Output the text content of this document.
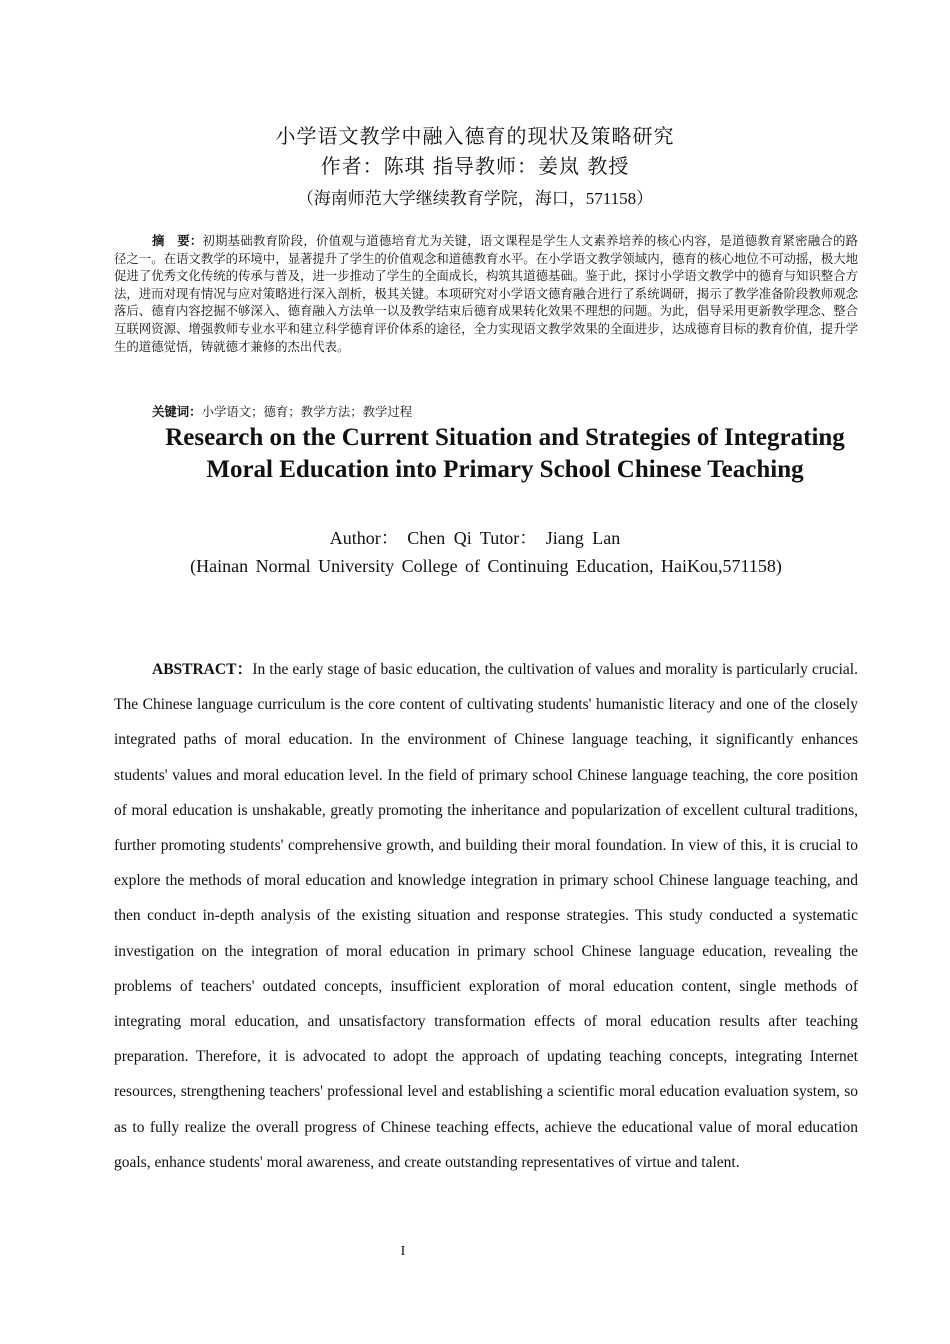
小学语文教学中融入德育的现状及策略研究
作者：陈琪 指导教师：姜岚 教授
（海南师范大学继续教育学院，海口，571158）
摘　要：初期基础教育阶段，价值观与道德培育尤为关键，语文课程是学生人文素养培养的核心内容，是道德教育紧密融合的路径之一。在语文教学的环境中，显著提升了学生的价值观念和道德教育水平。在小学语文教学领域内，德育的核心地位不可动摇，极大地促进了优秀文化传统的传承与普及，进一步推动了学生的全面成长，构筑其道德基础。鉴于此，探讨小学语文教学中的德育与知识整合方法，进而对现有情况与应对策略进行深入剖析，极其关键。本项研究对小学语文德育融合进行了系统调研，揭示了教学准备阶段教师观念落后、德育内容挖掘不够深入、德育融入方法单一以及教学结束后德育成果转化效果不理想的问题。为此，倡导采用更新教学理念、整合互联网资源、增强教师专业水平和建立科学德育评价体系的途径，全力实现语文教学效果的全面进步，达成德育目标的教育价值，提升学生的道德觉悟，铸就德才兼修的杰出代表。
关键词：小学语文；德育；教学方法；教学过程
Research on the Current Situation and Strategies of Integrating
Moral Education into Primary School Chinese Teaching
Author： Chen Qi Tutor： Jiang Lan
(Hainan Normal University College of Continuing Education, HaiKou,571158)
ABSTRACT：In the early stage of basic education, the cultivation of values and morality is particularly crucial. The Chinese language curriculum is the core content of cultivating students' humanistic literacy and one of the closely integrated paths of moral education. In the environment of Chinese language teaching, it significantly enhances students' values and moral education level. In the field of primary school Chinese language teaching, the core position of moral education is unshakable, greatly promoting the inheritance and popularization of excellent cultural traditions, further promoting students' comprehensive growth, and building their moral foundation. In view of this, it is crucial to explore the methods of moral education and knowledge integration in primary school Chinese language teaching, and then conduct in-depth analysis of the existing situation and response strategies. This study conducted a systematic investigation on the integration of moral education in primary school Chinese language education, revealing the problems of teachers' outdated concepts, insufficient exploration of moral education content, single methods of integrating moral education, and unsatisfactory transformation effects of moral education results after teaching preparation. Therefore, it is advocated to adopt the approach of updating teaching concepts, integrating Internet resources, strengthening teachers' professional level and establishing a scientific moral education evaluation system, so as to fully realize the overall progress of Chinese teaching effects, achieve the educational value of moral education goals, enhance students' moral awareness, and create outstanding representatives of virtue and talent.
I
